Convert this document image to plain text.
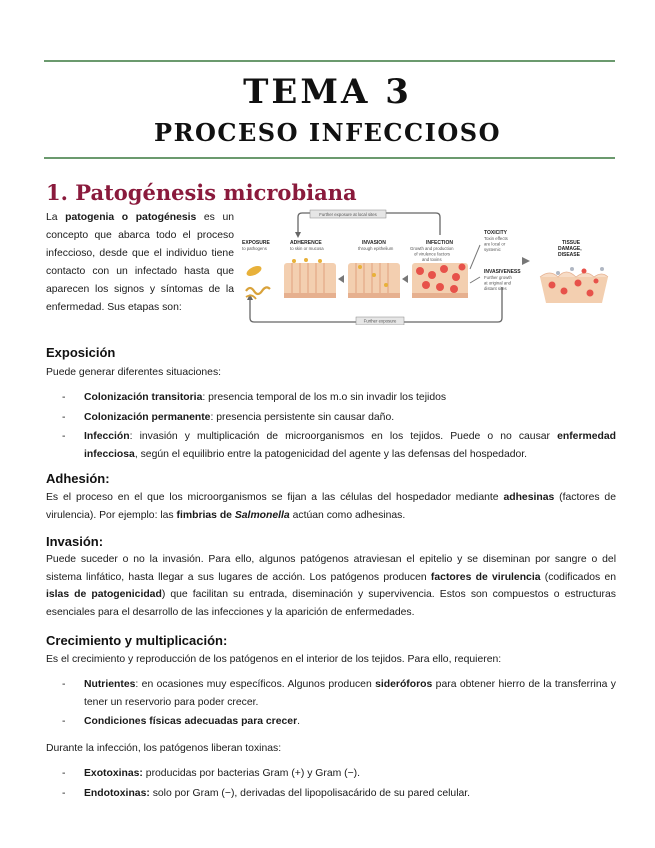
TEMA 3
PROCESO INFECCIOSO
1. Patogénesis microbiana

La patogenia o patogénesis es un concepto que abarca todo el proceso infeccioso, desde que el individuo tiene contacto con un infectado hasta que aparecen los signos y síntomas de la enfermedad. Sus etapas son:

Further exposure at local sites
Further exposure
EXPOSURE
to pathogens
ADHERENCE
to skin or mucosa
INVASION
through epithelium
INFECTION
Growth and production
of virulence factors
and toxins
TOXICITY
Toxin effects
are local or
systemic
INVASIVENESS
Further growth
at original and
distant sites
TISSUE
DAMAGE,
DISEASE
Exposición

Puede generar diferentes situaciones:

- Colonización transitoria: presencia temporal de los m.o sin invadir los tejidos
- Colonización permanente: presencia persistente sin causar daño.
- Infección: invasión y multiplicación de microorganismos en los tejidos. Puede o no causar enfermedad infecciosa, según el equilibrio entre la patogenicidad del agente y las defensas del hospedador.
Adhesión:

Es el proceso en el que los microorganismos se fijan a las células del hospedador mediante adhesinas (factores de virulencia). Por ejemplo: las fimbrias de Salmonella actúan como adhesinas.

Invasión:

Puede suceder o no la invasión. Para ello, algunos patógenos atraviesan el epitelio y se diseminan por sangre o del sistema linfático, hasta llegar a sus lugares de acción. Los patógenos producen factores de virulencia (codificados en islas de patogenicidad) que facilitan su entrada, diseminación y supervivencia. Estos son compuestos o estructuras esenciales para el desarrollo de las infecciones y la aparición de enfermedades.

Crecimiento y multiplicación:

Es el crecimiento y reproducción de los patógenos en el interior de los tejidos. Para ello, requieren:

- Nutrientes: en ocasiones muy específicos. Algunos producen sideróforos para obtener hierro de la transferrina y tener un reservorio para poder crecer.
- Condiciones físicas adecuadas para crecer.

Durante la infección, los patógenos liberan toxinas:

- Exotoxinas: producidas por bacterias Gram (+) y Gram (−).
- Endotoxinas: solo por Gram (−), derivadas del lipopolisacárido de su pared celular.
